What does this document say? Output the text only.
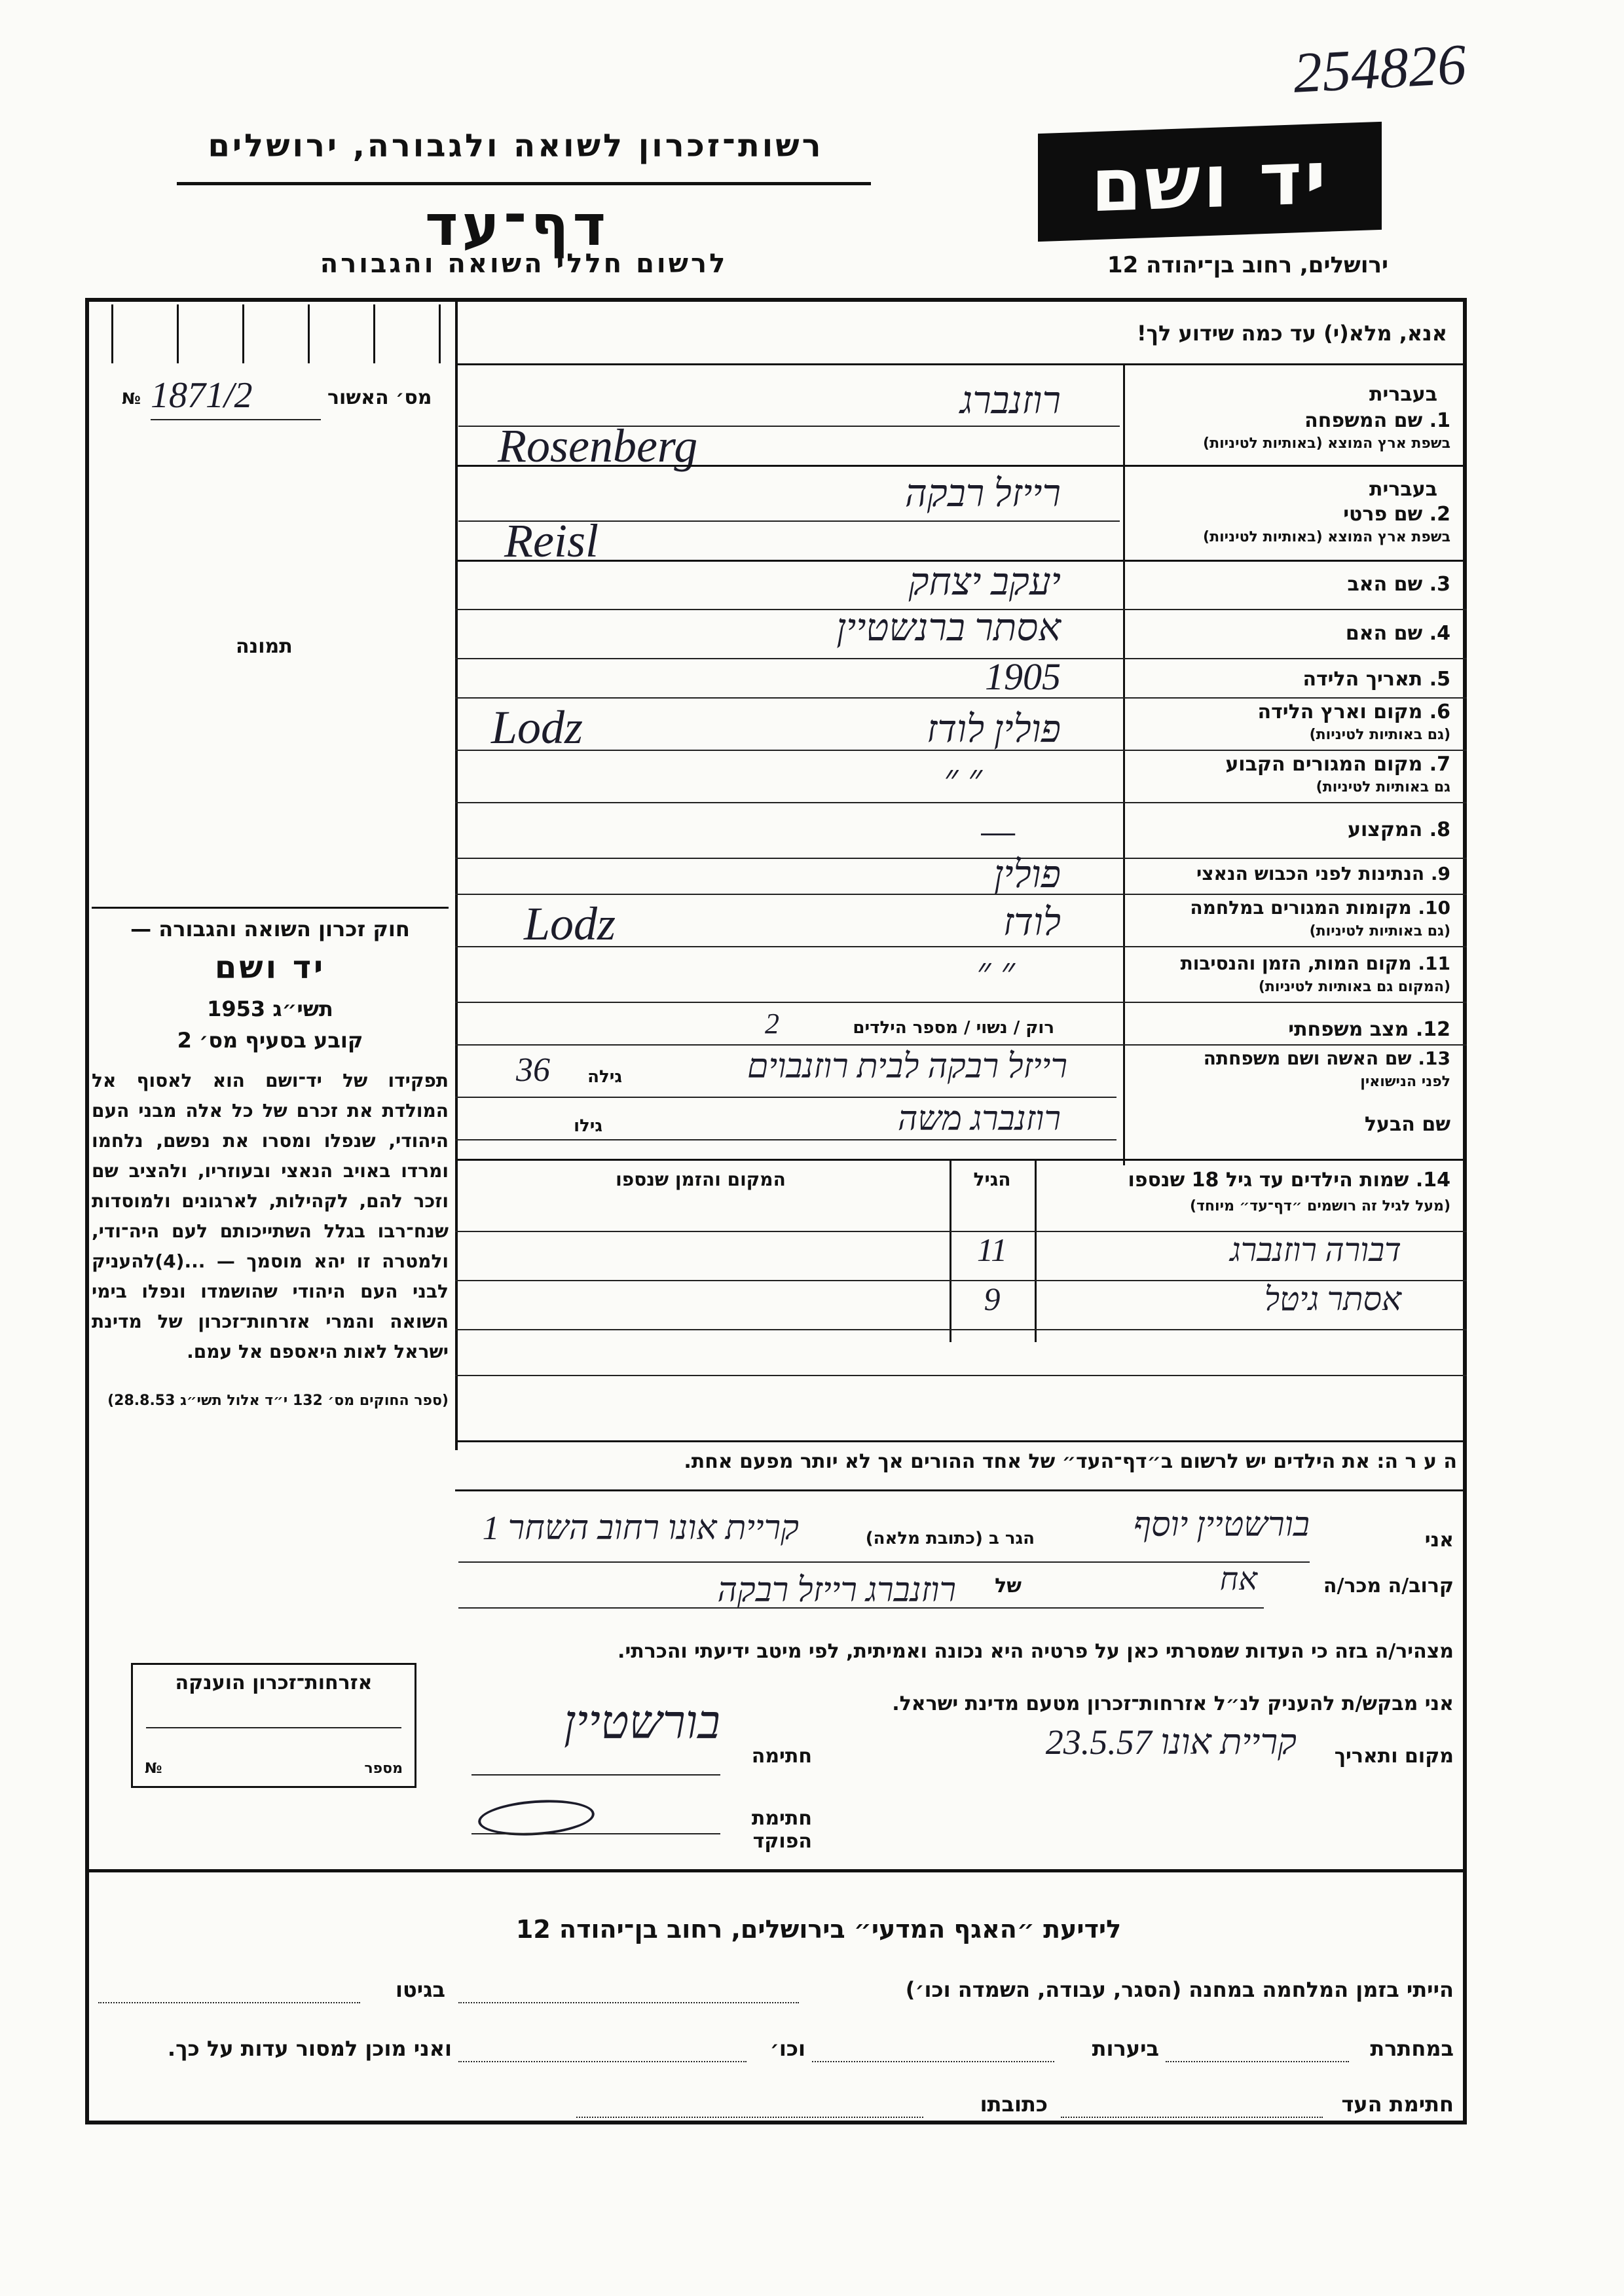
254826
רשות־זכרון לשואה ולגבורה, ירושלים
דף־עד
לרשום חללי השואה והגבורה
יד ושם
ירושלים, רחוב בן־יהודה 12
אנא, מלא(י) עד כמה שידוע לך!
מס׳ האשור
№ 1871/2
תמונה
בעברית
1. שם המשפחה
בשפת ארץ המוצא (באותיות לטיניות)
רוזנברג
Rosenberg
בעברית
2. שם פרטי
בשפת ארץ המוצא (באותיות לטיניות)
רייזל רבקה
Reisl
3. שם האב
יעקב יצחק
4. שם האם
אסתר ברנשטיין
5. תאריך הלידה
1905
6. מקום וארץ הלידה
(גם באותיות לטיניות)
פולין לודז
Lodz
7. מקום המגורים הקבוע
גם באותיות לטיניות)
״ ״
8. המקצוע
—
9. הנתינות לפני הכבוש הנאצי
פולין
10. מקומות המגורים במלחמה
(גם באותיות לטיניות)
לודז
Lodz
11. מקום המות, הזמן והנסיבות
(המקום גם באותיות לטיניות)
״ ״
12. מצב משפחתי
רוק / נשוי / מספר הילדים
2
13. שם האשה ושם משפחתה
לפני הנישואין
רייזל רבקה לבית רוזנבוים
גילה
36
שם הבעל
רוזנברג משה
גילו
14. שמות הילדים עד גיל 18 שנספו
(מעל לגיל זה רושמים ״דף־עד״ מיוחד)
הגיל
המקום והזמן שנספו
דבורה רוזנברג
11
אסתר גיטל
9
ה ע ר ה: את הילדים יש לרשום ב״דף־העד״ של אחד ההורים אך לא יותר מפעם אחת.
חוק זכרון השואה והגבורה —
יד ושם
תשי״ג 1953
קובע בסעיף מס׳ 2
תפקידו של יד־ושם הוא לאסוף אל המולדת את זכרם של כל אלה מבני העם היהודי, שנפלו ומסרו את נפשם, נלחמו ומרדו באויב הנאצי ובעוזריו, ולהציב שם וזכר להם, לקהילות, לארגונים ולמוסדות שנח־רבו בגלל השתייכותם לעם היה־ודי, ולמטרה זו יהא מוסמך — ...(4)להעניק לבני העם היהודי שהושמדו ונפלו בימי השואה והמרי אזרחות־זכרון של מדינת ישראל לאות היאספם אל עמם.
(ספר החוקים מס׳ 132 י״ד אלול תשי״ג 28.8.53)
אני
בורשטיין יוסף
הגר ב (כתובת מלאה)
קריית אונו רחוב השחר 1
קרוב/ה מכר/ה
אח
של
רוזנברג רייזל רבקה
מצהיר/ה בזה כי העדות שמסרתי כאן על פרטיה היא נכונה ואמיתית, לפי מיטב ידיעתי והכרתי.
אני מבקש/ת להעניק לנ״ל אזרחות־זכרון מטעם מדינת ישראל.
מקום ותאריך
קריית אונו 23.5.57
חתימה
בורשטיין
חתימת הפוקד
אזרחות־זכרון הוענקה
מספר
№
לידיעת ״האגף המדעי״ בירושלים, רחוב בן־יהודה 12
הייתי בזמן המלחמה במחנה (הסגר, עבודה, השמדה וכו׳)
בגיטו
במחתרת
ביערות
וכו׳
ואני מוכן למסור עדות על כך.
חתימת העד
כתובתו
